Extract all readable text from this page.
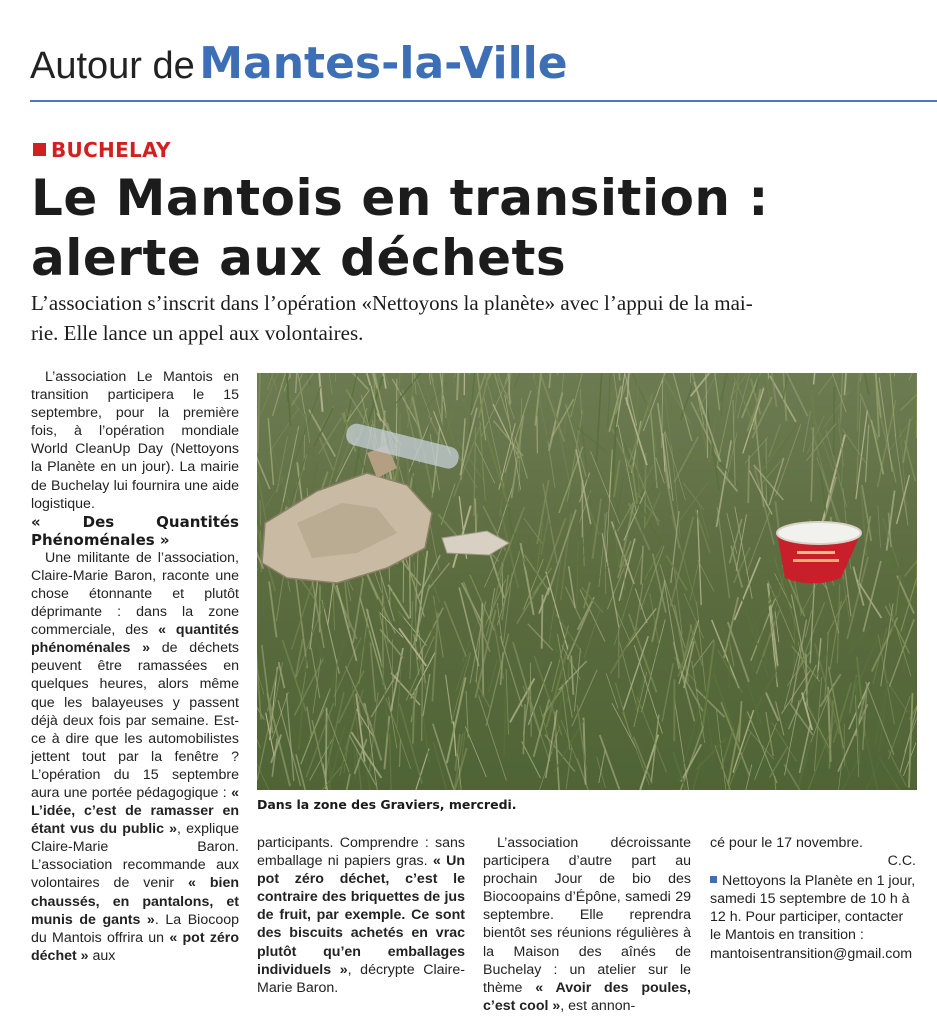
Autour de Mantes-la-Ville
BUCHELAY
Le Mantois en transition :
alerte aux déchets

L’association s’inscrit dans l’opération «Nettoyons la planète» avec l’appui de la mai-
rie. Elle lance un appel aux volontaires.

L’association Le Mantois en transition participera le 15 septembre, pour la première fois, à l’opération mondiale World CleanUp Day (Nettoyons la Planète en un jour). La mairie de Buchelay lui fournira une aide logistique.

« Des Quantités Phénoménales »

Une militante de l’association, Claire-Marie Baron, raconte une chose étonnante et plutôt déprimante : dans la zone commerciale, des « quantités phénoménales » de déchets peuvent être ramassées en quelques heures, alors même que les balayeuses y passent déjà deux fois par semaine. Est-ce à dire que les automobilistes jettent tout par la fenêtre ? L’opération du 15 septembre aura une portée pédagogique : « L’idée, c’est de ramasser en étant vus du public », explique Claire-Marie Baron. L’association recommande aux volontaires de venir « bien chaussés, en pantalons, et munis de gants ». La Biocoop du Mantois offrira un « pot zéro déchet » aux

Dans la zone des Graviers, mercredi.

participants. Comprendre : sans emballage ni papiers gras. « Un pot zéro déchet, c’est le contraire des briquettes de jus de fruit, par exemple. Ce sont des biscuits achetés en vrac plutôt qu’en emballages individuels », décrypte Claire-Marie Baron.

L’association décroissante participera d’autre part au prochain Jour de bio des Biocoopains d’Épône, samedi 29 septembre. Elle reprendra bientôt ses réunions régulières à la Maison des aînés de Buchelay : un atelier sur le thème « Avoir des poules, c’est cool », est annon-

cé pour le 17 novembre.

C.C.

Nettoyons la Planète en 1 jour, samedi 15 septembre de 10 h à 12 h. Pour participer, contacter le Mantois en transition : mantoisentransition@gmail.com
